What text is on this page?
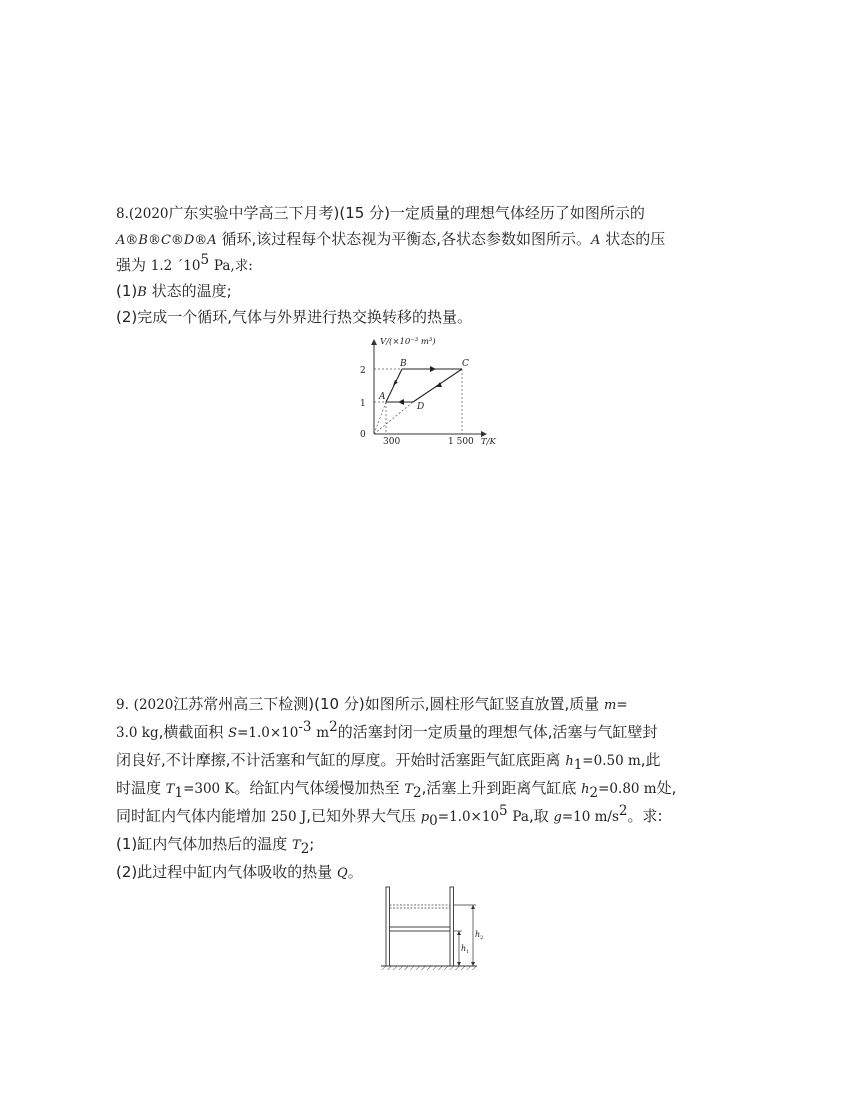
8.(2020广东实验中学高三下月考)(15 分)一定质量的理想气体经历了如图所示的

A®B®C®D®A 循环,该过程每个状态视为平衡态,各状态参数如图所示。A 状态的压

强为 1.2 $´10^5$ Pa,求:

(1)B 状态的温度;

(2)完成一个循环,气体与外界进行热交换转移的热量。

V/(×10⁻³ m³)
T/K
2
1
0
300	1 500
A
B	C
D

9. (2020江苏常州高三下检测)(10 分)如图所示,圆柱形气缸竖直放置,质量 m=

3.0 kg,横截面积 $S=1.0\times 10^{-3}$ $m^2$的活塞封闭一定质量的理想气体,活塞与气缸壁封

闭良好,不计摩擦,不计活塞和气缸的厚度。开始时活塞距气缸底距离 $h_1=0.50$ m,此

时温度 $T_1=300$ K。给缸内气体缓慢加热至 $T_2$,活塞上升到距离气缸底 $h_2=0.80$ m处,

同时缸内气体内能增加 250 J,已知外界大气压 $p_0=1.0\times 10^5$ Pa,取 g=10 $m/s^2$。求:

(1)缸内气体加热后的温度 $T_2$;

(2)此过程中缸内气体吸收的热量 Q。

$h_1$
$h_2$
